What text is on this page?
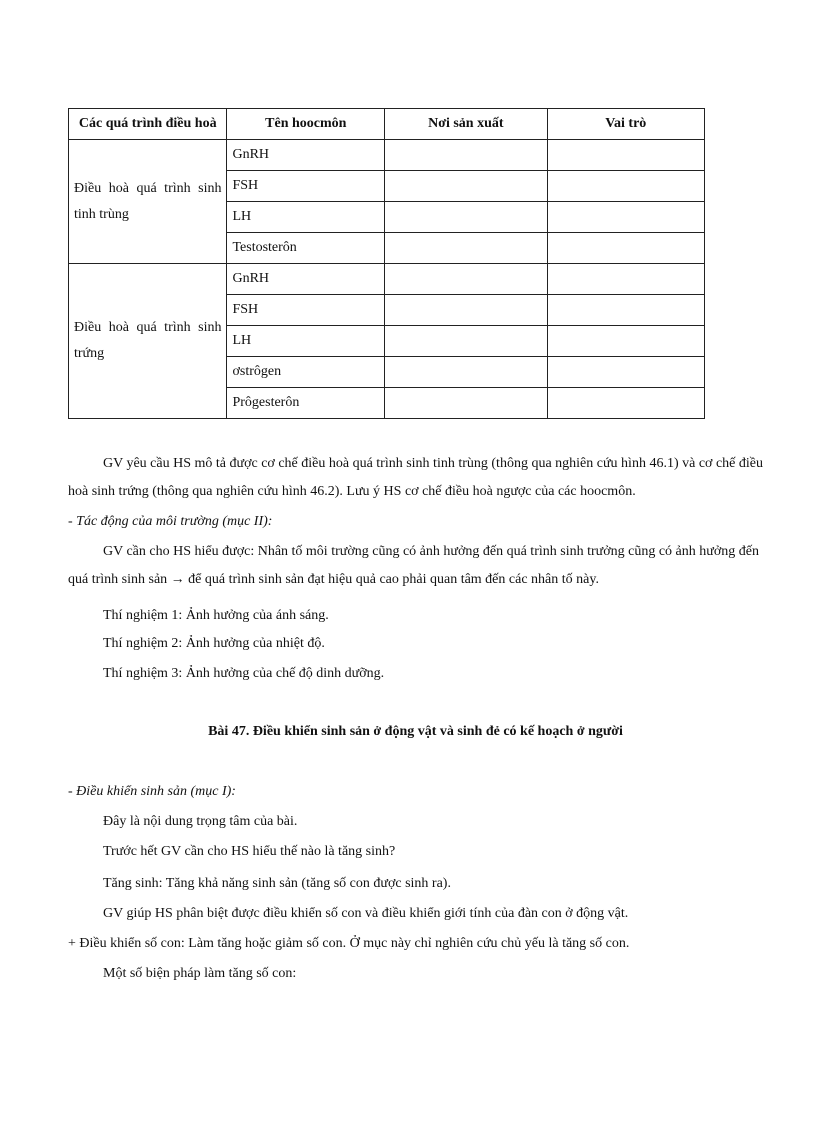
Các quá trình điều hoà	Tên hoocmôn	Nơi sản xuất	Vai trò
Điều hoà quá trình sinh tinh trùng	GnRH		
	FSH		
	LH		
	Testosterôn		
Điều hoà quá trình sinh trứng	GnRH		
	FSH		
	LH		
	ơstrôgen		
	Prôgesterôn		
GV yêu cầu HS mô tả được cơ chế điều hoà quá trình sinh tinh trùng (thông qua nghiên cứu hình 46.1) và cơ chế điều hoà sinh trứng (thông qua nghiên cứu hình 46.2). Lưu ý HS cơ chế điều hoà ngược của các hoocmôn.
- Tác động của môi trường (mục II):
GV cần cho HS hiểu được: Nhân tố môi trường cũng có ảnh hưởng đến quá trình sinh trưởng cũng có ảnh hưởng đến quá trình sinh sản → để quá trình sinh sản đạt hiệu quả cao phải quan tâm đến các nhân tố này.
Thí nghiệm 1: Ảnh hưởng của ánh sáng.
Thí nghiệm 2: Ảnh hưởng của nhiệt độ.
Thí nghiệm 3: Ảnh hưởng của chế độ dinh dưỡng.
Bài 47. Điều khiển sinh sản ở động vật và sinh đẻ có kế hoạch ở người
- Điều khiển sinh sản (mục I):
Đây là nội dung trọng tâm của bài.
Trước hết GV cần cho HS hiểu thế nào là tăng sinh?
Tăng sinh: Tăng khả năng sinh sản (tăng số con được sinh ra).
GV giúp HS phân biệt được điều khiển số con và điều khiển giới tính của đàn con ở động vật.
+ Điều khiển số con: Làm tăng hoặc giảm số con. Ở mục này chỉ nghiên cứu chủ yếu là tăng số con.
Một số biện pháp làm tăng số con:
